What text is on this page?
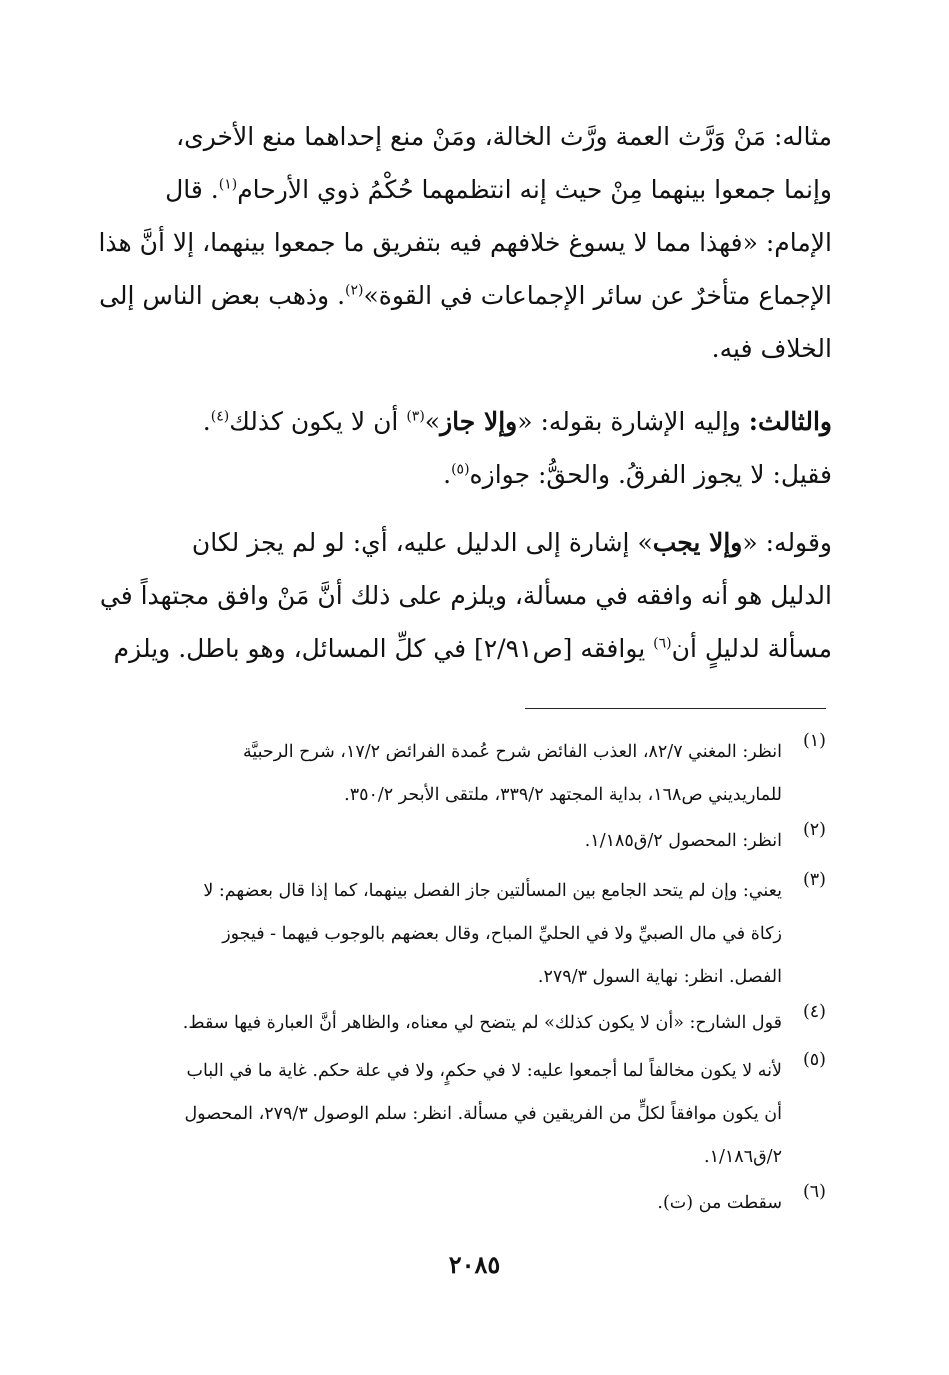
مثاله: مَنْ وَرَّث العمة ورَّث الخالة، ومَنْ منع إحداهما منع الأخرى،
وإنما جمعوا بينهما مِنْ حيث إنه انتظمهما حُكْمُ ذوي الأرحام$^{(١)}$. قال
الإمام: «فهذا مما لا يسوغ خلافهم فيه بتفريق ما جمعوا بينهما، إلا أنَّ هذا
الإجماع متأخرٌ عن سائر الإجماعات في القوة»$^{(٢)}$. وذهب بعض الناس إلى
الخلاف فيه.
والثالث: وإليه الإشارة بقوله: «وإلا جاز»$^{(٣)}$ أن لا يكون كذلك$^{(٤)}$.
فقيل: لا يجوز الفرقُ. والحقُّ: جوازه$^{(٥)}$.
وقوله: «وإلا يجب» إشارة إلى الدليل عليه، أي: لو لم يجز لكان
الدليل هو أنه وافقه في مسألة، ويلزم على ذلك أنَّ مَنْ وافق مجتهداً في
مسألة لدليلٍ أن$^{(٦)}$ يوافقه [ص٢/٩١] في كلِّ المسائل، وهو باطل. ويلزم
(١)
انظر: المغني ٨٢/٧، العذب الفائض شرح عُمدة الفرائض ١٧/٢، شرح الرحبيَّة
للماريديني ص١٦٨، بداية المجتهد ٣٣٩/٢، ملتقى الأبحر ٣٥٠/٢.
(٢)
انظر: المحصول ٢/ق١/١٨٥.
(٣)
يعني: وإن لم يتحد الجامع بين المسألتين جاز الفصل بينهما، كما إذا قال بعضهم: لا
زكاة في مال الصبيِّ ولا في الحليِّ المباح، وقال بعضهم بالوجوب فيهما - فيجوز
الفصل. انظر: نهاية السول ٢٧٩/٣.
(٤)
قول الشارح: «أن لا يكون كذلك» لم يتضح لي معناه، والظاهر أنَّ العبارة فيها سقط.
(٥)
لأنه لا يكون مخالفاً لما أجمعوا عليه: لا في حكمٍ، ولا في علة حكم. غاية ما في الباب
أن يكون موافقاً لكلٍّ من الفريقين في مسألة. انظر: سلم الوصول ٢٧٩/٣، المحصول
٢/ق١/١٨٦.
(٦)
سقطت من (ت).
٢٠٨٥
